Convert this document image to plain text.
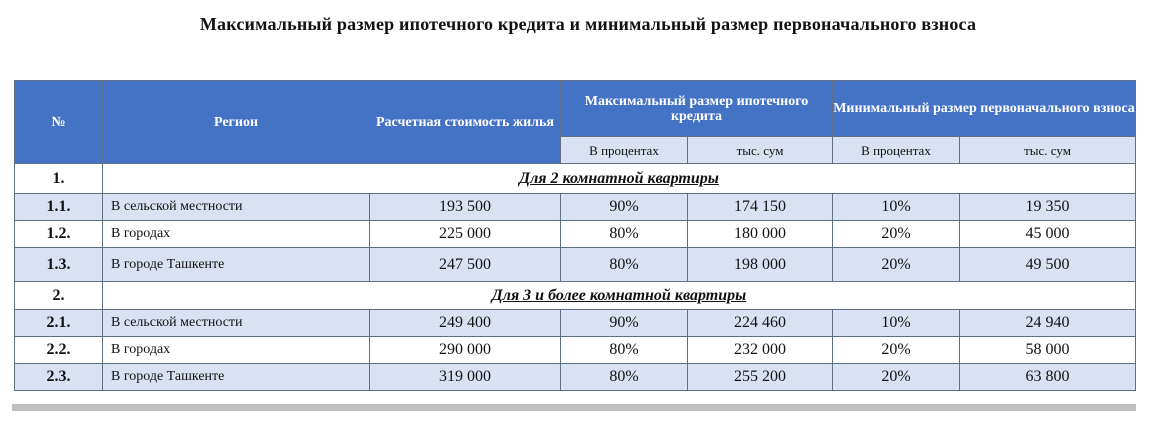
Максимальный размер ипотечного кредита и минимальный размер первоначального взноса
№	Регион	Расчетная стоимость жилья	Максимальный размер ипотечного кредита		Минимальный размер первоначального взноса	
			В процентах	тыс. сум	В процентах	тыс. сум
1.	Для 2 комнатной квартиры					
1.1.	В сельской местности	193 500	90%	174 150	10%	19 350
1.2.	В городах	225 000	80%	180 000	20%	45 000
1.3.	В городе Ташкенте	247 500	80%	198 000	20%	49 500
2.	Для 3 и более комнатной квартиры					
2.1.	В сельской местности	249 400	90%	224 460	10%	24 940
2.2.	В городах	290 000	80%	232 000	20%	58 000
2.3.	В городе Ташкенте	319 000	80%	255 200	20%	63 800
